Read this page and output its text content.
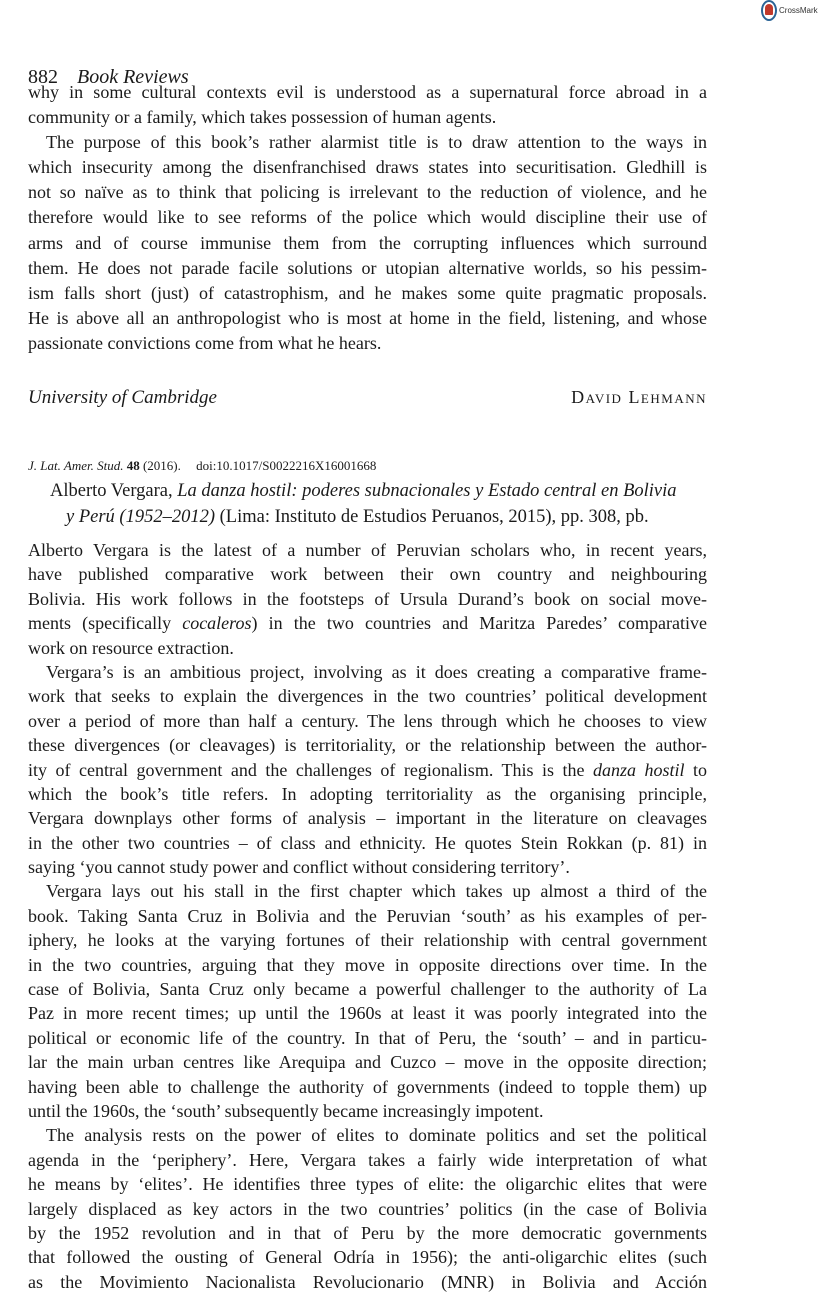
CrossMark
882 Book Reviews
why in some cultural contexts evil is understood as a supernatural force abroad in a
community or a family, which takes possession of human agents.
The purpose of this book’s rather alarmist title is to draw attention to the ways in
which insecurity among the disenfranchised draws states into securitisation. Gledhill is
not so naïve as to think that policing is irrelevant to the reduction of violence, and he
therefore would like to see reforms of the police which would discipline their use of
arms and of course immunise them from the corrupting influences which surround
them. He does not parade facile solutions or utopian alternative worlds, so his pessim-
ism falls short (just) of catastrophism, and he makes some quite pragmatic proposals.
He is above all an anthropologist who is most at home in the field, listening, and whose
passionate convictions come from what he hears.
University of Cambridge	David Lehmann
J. Lat. Amer. Stud. 48 (2016). doi:10.1017/S0022216X16001668
Alberto Vergara, La danza hostil: poderes subnacionales y Estado central en Bolivia
y Perú (1952–2012) (Lima: Instituto de Estudios Peruanos, 2015), pp. 308, pb.
Alberto Vergara is the latest of a number of Peruvian scholars who, in recent years,
have published comparative work between their own country and neighbouring
Bolivia. His work follows in the footsteps of Ursula Durand’s book on social move-
ments (specifically cocaleros) in the two countries and Maritza Paredes’ comparative
work on resource extraction.
Vergara’s is an ambitious project, involving as it does creating a comparative frame-
work that seeks to explain the divergences in the two countries’ political development
over a period of more than half a century. The lens through which he chooses to view
these divergences (or cleavages) is territoriality, or the relationship between the author-
ity of central government and the challenges of regionalism. This is the danza hostil to
which the book’s title refers. In adopting territoriality as the organising principle,
Vergara downplays other forms of analysis – important in the literature on cleavages
in the other two countries – of class and ethnicity. He quotes Stein Rokkan (p. 81) in
saying ‘you cannot study power and conflict without considering territory’.
Vergara lays out his stall in the first chapter which takes up almost a third of the
book. Taking Santa Cruz in Bolivia and the Peruvian ‘south’ as his examples of per-
iphery, he looks at the varying fortunes of their relationship with central government
in the two countries, arguing that they move in opposite directions over time. In the
case of Bolivia, Santa Cruz only became a powerful challenger to the authority of La
Paz in more recent times; up until the 1960s at least it was poorly integrated into the
political or economic life of the country. In that of Peru, the ‘south’ – and in particu-
lar the main urban centres like Arequipa and Cuzco – move in the opposite direction;
having been able to challenge the authority of governments (indeed to topple them) up
until the 1960s, the ‘south’ subsequently became increasingly impotent.
The analysis rests on the power of elites to dominate politics and set the political
agenda in the ‘periphery’. Here, Vergara takes a fairly wide interpretation of what
he means by ‘elites’. He identifies three types of elite: the oligarchic elites that were
largely displaced as key actors in the two countries’ politics (in the case of Bolivia
by the 1952 revolution and in that of Peru by the more democratic governments
that followed the ousting of General Odría in 1956); the anti-oligarchic elites (such
as the Movimiento Nacionalista Revolucionario (MNR) in Bolivia and Acción
